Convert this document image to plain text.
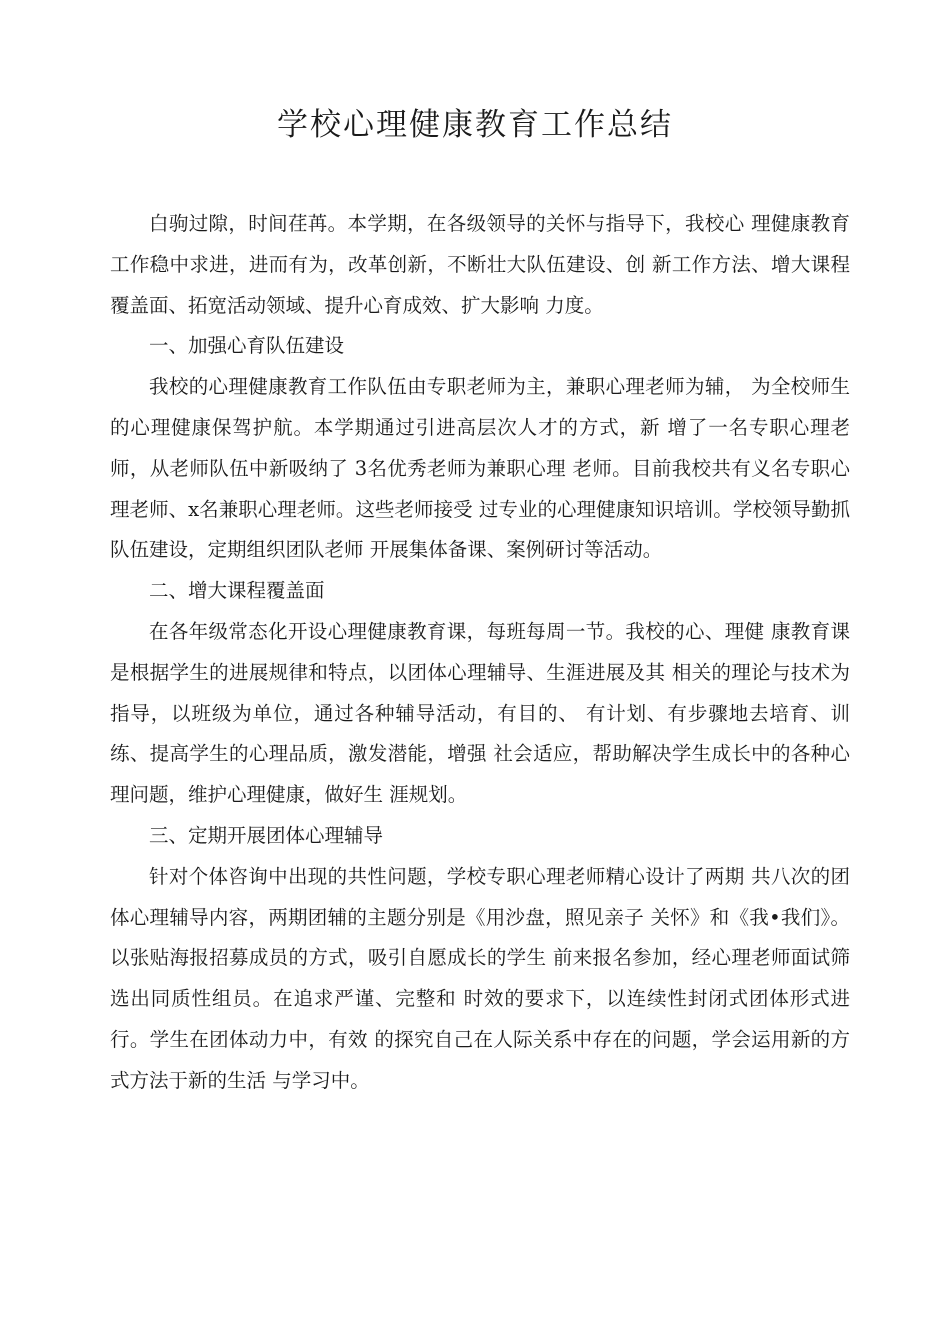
学校心理健康教育工作总结

白驹过隙，时间荏苒。本学期，在各级领导的关怀与指导下，我校心 理健康教育工作稳中求进，进而有为，改革创新，不断壮大队伍建设、创 新工作方法、增大课程覆盖面、拓宽活动领域、提升心育成效、扩大影响 力度。

一、加强心育队伍建设

我校的心理健康教育工作队伍由专职老师为主，兼职心理老师为辅， 为全校师生的心理健康保驾护航。本学期通过引进高层次人才的方式，新 增了一名专职心理老师，从老师队伍中新吸纳了 3名优秀老师为兼职心理 老师。目前我校共有义名专职心理老师、x名兼职心理老师。这些老师接受 过专业的心理健康知识培训。学校领导勤抓队伍建设，定期组织团队老师 开展集体备课、案例研讨等活动。

二、增大课程覆盖面

在各年级常态化开设心理健康教育课，每班每周一节。我校的心、理健 康教育课是根据学生的进展规律和特点，以团体心理辅导、生涯进展及其 相关的理论与技术为指导，以班级为单位，通过各种辅导活动，有目的、 有计划、有步骤地去培育、训练、提高学生的心理品质，激发潜能，增强 社会适应，帮助解决学生成长中的各种心理问题，维护心理健康，做好生 涯规划。

三、定期开展团体心理辅导

针对个体咨询中出现的共性问题，学校专职心理老师精心设计了两期 共八次的团体心理辅导内容，两期团辅的主题分别是《用沙盘，照见亲子 关怀》和《我•我们》。以张贴海报招募成员的方式，吸引自愿成长的学生 前来报名参加，经心理老师面试筛选出同质性组员。在追求严谨、完整和 时效的要求下，以连续性封闭式团体形式进行。学生在团体动力中，有效 的探究自己在人际关系中存在的问题，学会运用新的方式方法于新的生活 与学习中。
